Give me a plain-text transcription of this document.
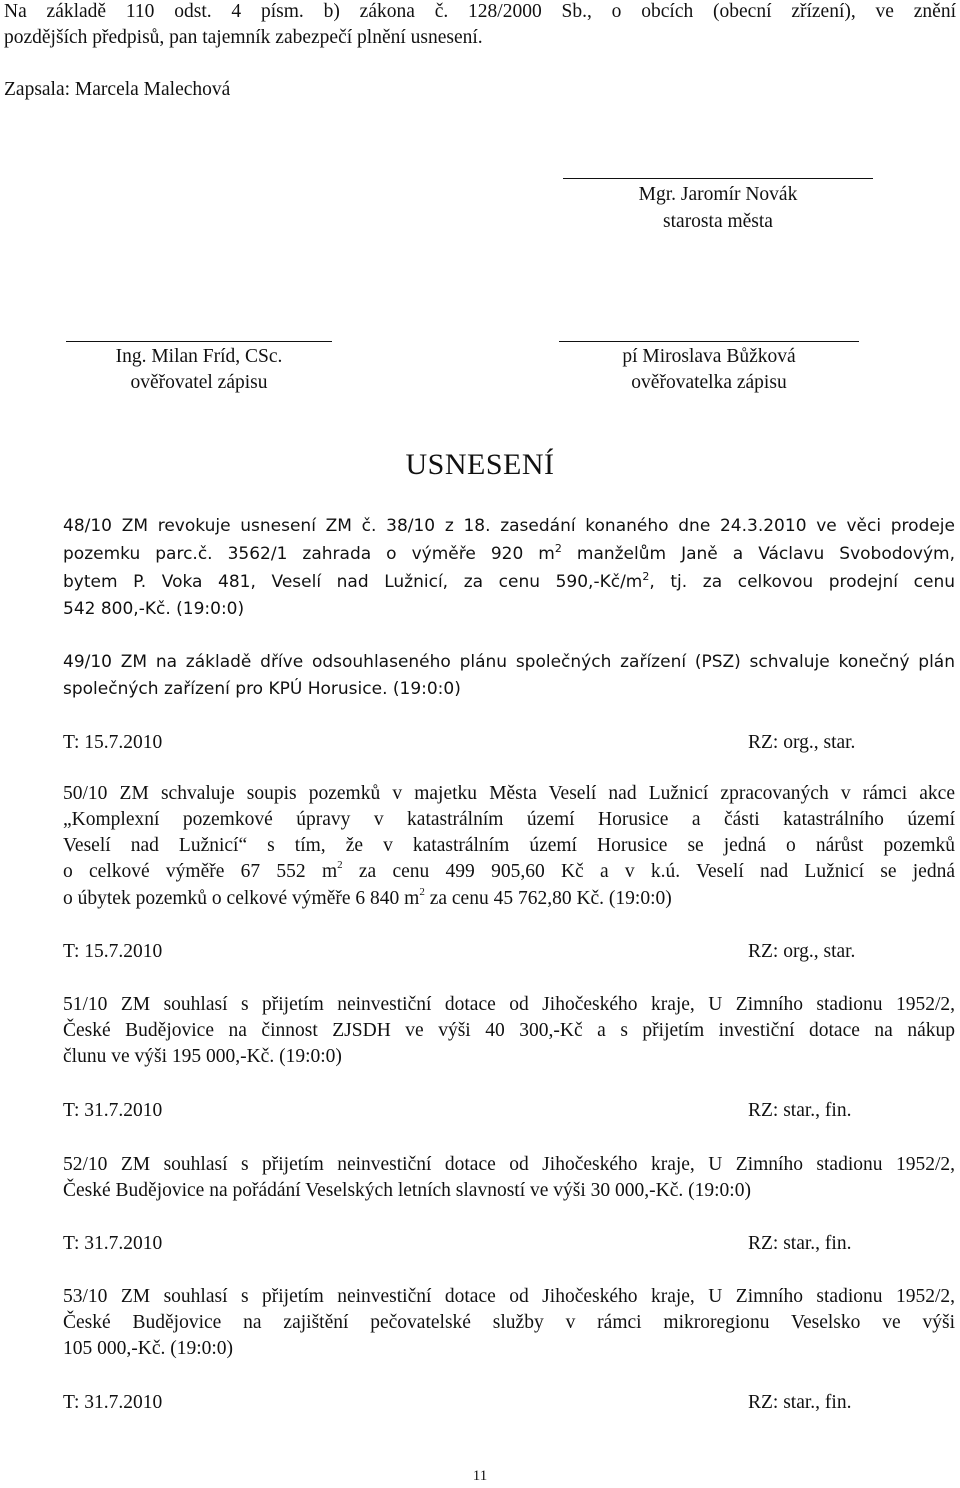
Na základě 110 odst. 4 písm. b) zákona č. 128/2000 Sb., o obcích (obecní zřízení), ve znění
pozdějších předpisů, pan tajemník zabezpečí plnění usnesení.
Zapsala: Marcela Malechová
Mgr. Jaromír Novák
starosta města
Ing. Milan Fríd, CSc.
ověřovatel zápisu
pí Miroslava Bůžková
ověřovatelka zápisu
USNESENÍ
48/10 ZM revokuje usnesení ZM č. 38/10 z 18. zasedání konaného dne 24.3.2010 ve věci prodeje
pozemku parc.č. 3562/1 zahrada o výměře 920 $m^2$ manželům Janě a Václavu Svobodovým,
bytem P. Voka 481, Veselí nad Lužnicí, za cenu $590,-Kč/m^2$, tj. za celkovou prodejní cenu
542 800,-Kč. (19:0:0)
49/10 ZM na základě dříve odsouhlaseného plánu společných zařízení (PSZ) schvaluje konečný plán
společných zařízení pro KPÚ Horusice. (19:0:0)
T: 15.7.2010	RZ: org., star.
50/10 ZM schvaluje soupis pozemků v majetku Města Veselí nad Lužnicí zpracovaných v rámci akce
„Komplexní pozemkové úpravy v katastrálním území Horusice a části katastrálního území
Veselí nad Lužnicí“ s tím, že v katastrálním území Horusice se jedná o nárůst pozemků
o celkové výměře 67 552 $m^2$ za cenu 499 905,60 Kč a v k.ú. Veselí nad Lužnicí se jedná
o úbytek pozemků o celkové výměře 6 840 $m^2$ za cenu 45 762,80 Kč. (19:0:0)
T: 15.7.2010	RZ: org., star.
51/10 ZM souhlasí s přijetím neinvestiční dotace od Jihočeského kraje, U Zimního stadionu 1952/2,
České Budějovice na činnost ZJSDH ve výši 40 300,-Kč a s přijetím investiční dotace na nákup
člunu ve výši 195 000,-Kč. (19:0:0)
T: 31.7.2010	RZ: star., fin.
52/10 ZM souhlasí s přijetím neinvestiční dotace od Jihočeského kraje, U Zimního stadionu 1952/2,
České Budějovice na pořádání Veselských letních slavností ve výši 30 000,-Kč. (19:0:0)
T: 31.7.2010	RZ: star., fin.
53/10 ZM souhlasí s přijetím neinvestiční dotace od Jihočeského kraje, U Zimního stadionu 1952/2,
České Budějovice na zajištění pečovatelské služby v rámci mikroregionu Veselsko ve výši
105 000,-Kč. (19:0:0)
T: 31.7.2010	RZ: star., fin.
11
